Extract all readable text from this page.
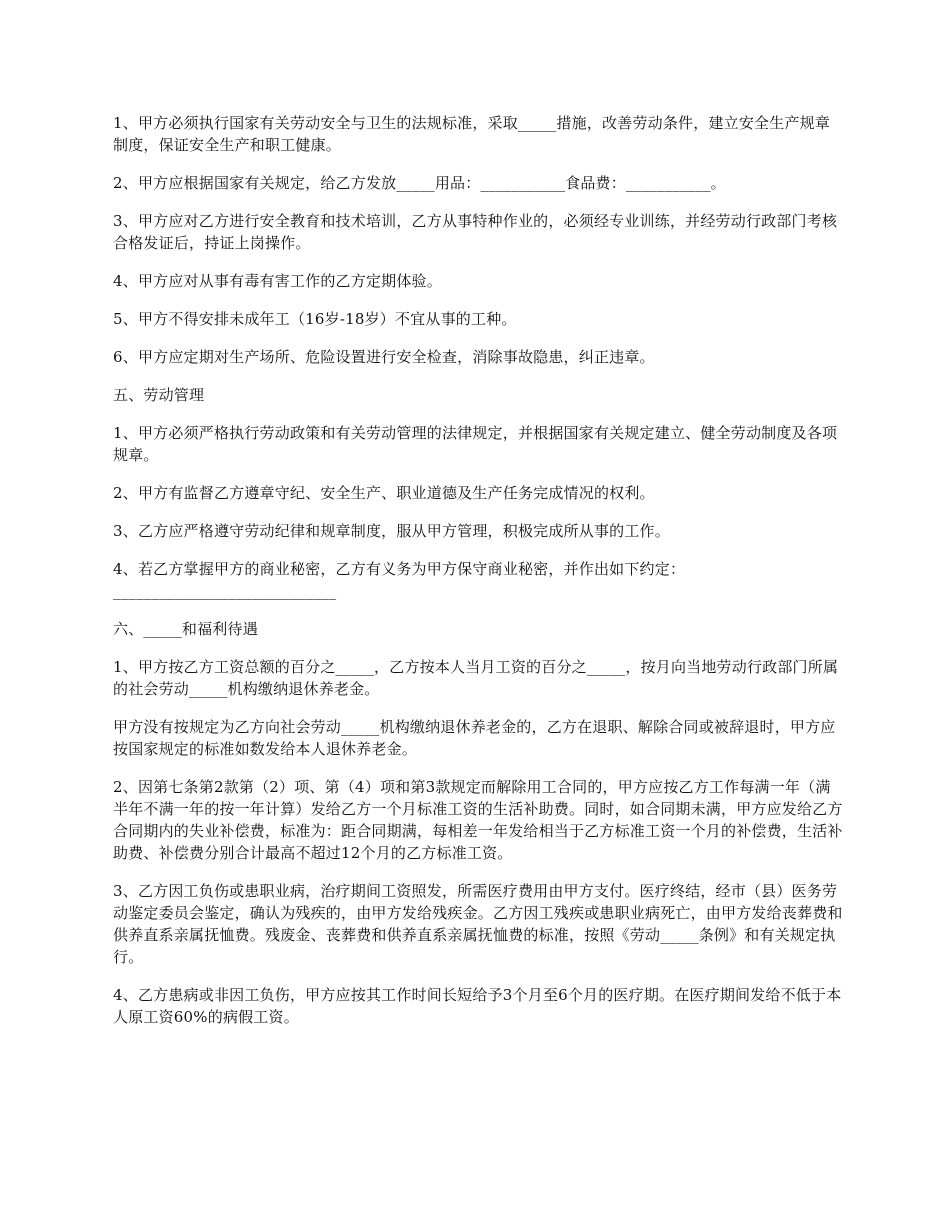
1、甲方必须执行国家有关劳动安全与卫生的法规标准，采取_____措施，改善劳动条件，建立安全生产规章制度，保证安全生产和职工健康。

2、甲方应根据国家有关规定，给乙方发放_____用品：___________食品费：___________。

3、甲方应对乙方进行安全教育和技术培训，乙方从事特种作业的，必须经专业训练，并经劳动行政部门考核合格发证后，持证上岗操作。

4、甲方应对从事有毒有害工作的乙方定期体验。

5、甲方不得安排未成年工（16岁-18岁）不宜从事的工种。

6、甲方应定期对生产场所、危险设置进行安全检查，消除事故隐患，纠正违章。

五、劳动管理

1、甲方必须严格执行劳动政策和有关劳动管理的法律规定，并根据国家有关规定建立、健全劳动制度及各项规章。

2、甲方有监督乙方遵章守纪、安全生产、职业道德及生产任务完成情况的权利。

3、乙方应严格遵守劳动纪律和规章制度，服从甲方管理，积极完成所从事的工作。

4、若乙方掌握甲方的商业秘密，乙方有义务为甲方保守商业秘密，并作出如下约定：_____________________________

六、_____和福利待遇

1、甲方按乙方工资总额的百分之_____，乙方按本人当月工资的百分之_____，按月向当地劳动行政部门所属的社会劳动_____机构缴纳退休养老金。

甲方没有按规定为乙方向社会劳动_____机构缴纳退休养老金的，乙方在退职、解除合同或被辞退时，甲方应按国家规定的标准如数发给本人退休养老金。

2、因第七条第2款第（2）项、第（4）项和第3款规定而解除用工合同的，甲方应按乙方工作每满一年（满半年不满一年的按一年计算）发给乙方一个月标准工资的生活补助费。同时，如合同期未满，甲方应发给乙方合同期内的失业补偿费，标准为：距合同期满，每相差一年发给相当于乙方标准工资一个月的补偿费，生活补助费、补偿费分别合计最高不超过12个月的乙方标准工资。

3、乙方因工负伤或患职业病，治疗期间工资照发，所需医疗费用由甲方支付。医疗终结，经市（县）医务劳动鉴定委员会鉴定，确认为残疾的，由甲方发给残疾金。乙方因工残疾或患职业病死亡，由甲方发给丧葬费和供养直系亲属抚恤费。残废金、丧葬费和供养直系亲属抚恤费的标准，按照《劳动_____条例》和有关规定执行。

4、乙方患病或非因工负伤，甲方应按其工作时间长短给予3个月至6个月的医疗期。在医疗期间发给不低于本人原工资60%的病假工资。
